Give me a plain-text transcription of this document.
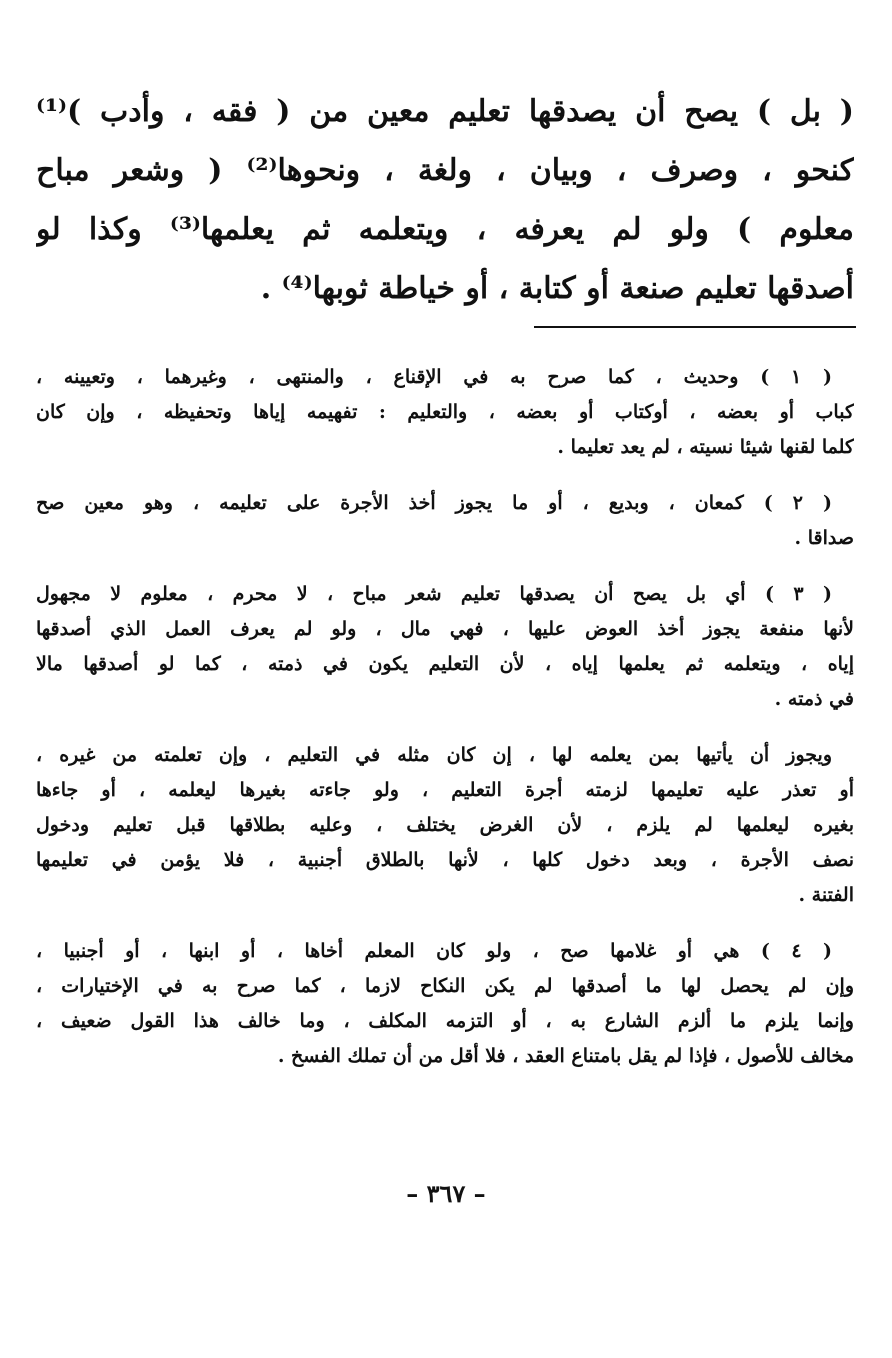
( بل ) يصح أن يصدقها تعليم معين من ( فقه ، وأدب )⁽¹⁾
كنحو ، وصرف ، وبيان ، ولغة ، ونحوها⁽²⁾ ( وشعر مباح
معلوم ) ولو لم يعرفه ، ويتعلمه ثم يعلمها⁽³⁾ وكذا لو
أصدقها تعليم صنعة أو كتابة ، أو خياطة ثوبها⁽⁴⁾ .
( ١ ) وحديث ، كما صرح به في الإقناع ، والمنتهى ، وغيرهما ، وتعيينه ،
كباب أو بعضه ، أوكتاب أو بعضه ، والتعليم : تفهيمه إياها وتحفيظه ، وإن كان
كلما لقنها شيئا نسيته ، لم يعد تعليما .
( ٢ ) كمعان ، وبديع ، أو ما يجوز أخذ الأجرة على تعليمه ، وهو معين صح
صداقا .
( ٣ ) أي بل يصح أن يصدقها تعليم شعر مباح ، لا محرم ، معلوم لا مجهول
لأنها منفعة يجوز أخذ العوض عليها ، فهي مال ، ولو لم يعرف العمل الذي أصدقها
إياه ، ويتعلمه ثم يعلمها إياه ، لأن التعليم يكون في ذمته ، كما لو أصدقها مالا
في ذمته .
ويجوز أن يأتيها بمن يعلمه لها ، إن كان مثله في التعليم ، وإن تعلمته من غيره ،
أو تعذر عليه تعليمها لزمته أجرة التعليم ، ولو جاءته بغيرها ليعلمه ، أو جاءها
بغيره ليعلمها لم يلزم ، لأن الغرض يختلف ، وعليه بطلاقها قبل تعليم ودخول
نصف الأجرة ، وبعد دخول كلها ، لأنها بالطلاق أجنبية ، فلا يؤمن في تعليمها
الفتنة .
( ٤ ) هي أو غلامها صح ، ولو كان المعلم أخاها ، أو ابنها ، أو أجنبيا ،
وإن لم يحصل لها ما أصدقها لم يكن النكاح لازما ، كما صرح به في الإختيارات ،
وإنما يلزم ما ألزم الشارع به ، أو التزمه المكلف ، وما خالف هذا القول ضعيف ،
مخالف للأصول ، فإذا لم يقل بامتناع العقد ، فلا أقل من أن تملك الفسخ .
– ٣٦٧ –
